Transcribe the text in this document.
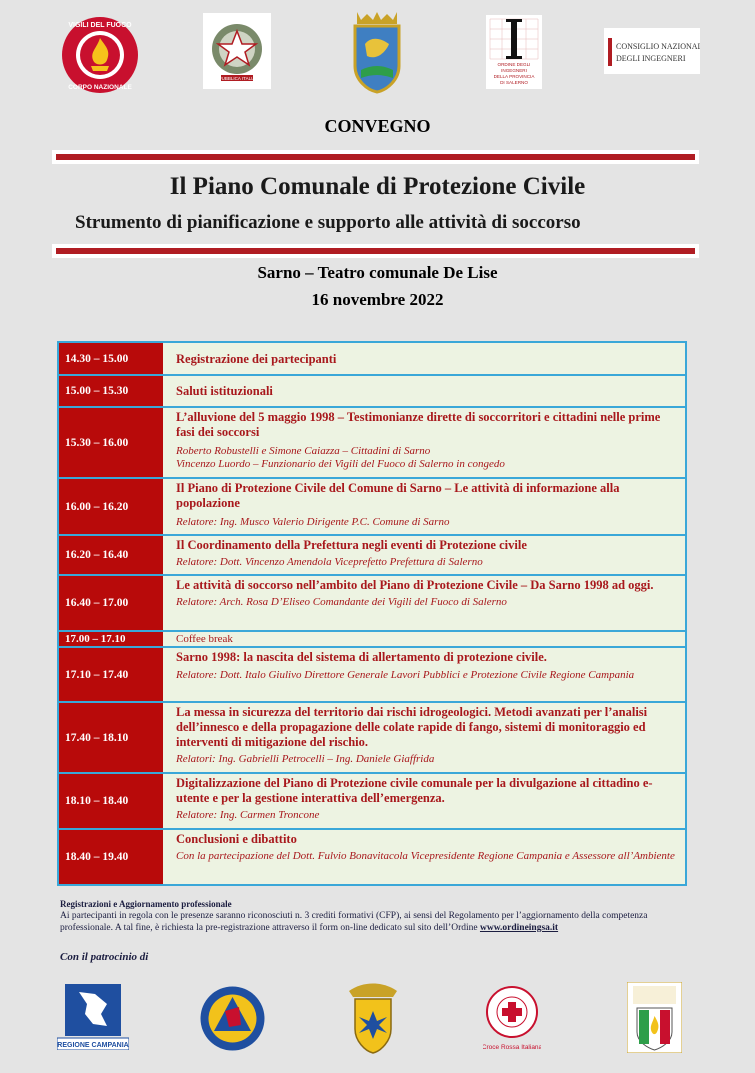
VIGILI DEL FUOCO
CORPO NAZIONALE
REPUBBLICA ITALIANA
ORDINE DEGLI
INGEGNERI
DELLA PROVINCIA
DI SALERNO
CONSIGLIO NAZIONALE
DEGLI INGEGNERI
CONVEGNO
Il Piano Comunale di Protezione Civile
Strumento di pianificazione e supporto alle attività di soccorso
Sarno – Teatro comunale De Lise
16 novembre 2022
14.30 – 15.00	Registrazione dei partecipanti
15.00 – 15.30	Saluti istituzionali
15.30 – 16.00
L’alluvione del 5 maggio 1998 – Testimonianze dirette di soccorritori e cittadini nelle prime fasi dei soccorsi
Roberto Robustelli e Simone Caiazza – Cittadini di Sarno
Vincenzo Luordo – Funzionario dei Vigili del Fuoco di Salerno in congedo
16.00 – 16.20
Il Piano di Protezione Civile del Comune di Sarno – Le attività di informazione alla popolazione
Relatore: Ing. Musco Valerio Dirigente P.C. Comune di Sarno
16.20 – 16.40
Il Coordinamento della Prefettura negli eventi di Protezione civile
Relatore: Dott. Vincenzo Amendola Viceprefetto Prefettura di Salerno
16.40 – 17.00
Le attività di soccorso nell’ambito del Piano di Protezione Civile – Da Sarno 1998 ad oggi.
Relatore: Arch. Rosa D’Eliseo Comandante dei Vigili del Fuoco di Salerno
17.00 – 17.10	Coffee break
17.10 – 17.40
Sarno 1998: la nascita del sistema di allertamento di protezione civile.
Relatore: Dott. Italo Giulivo Direttore Generale Lavori Pubblici e Protezione Civile Regione Campania
17.40 – 18.10
La messa in sicurezza del territorio dai rischi idrogeologici. Metodi avanzati per l’analisi dell’innesco e della propagazione delle colate rapide di fango, sistemi di monitoraggio ed interventi di mitigazione del rischio.
Relatori: Ing. Gabrielli Petrocelli – Ing. Daniele Giaffrida
18.10 – 18.40
Digitalizzazione del Piano di Protezione civile comunale per la divulgazione al cittadino e-utente e per la gestione interattiva dell’emergenza.
Relatore: Ing. Carmen Troncone
18.40 – 19.40
Conclusioni e dibattito
Con la partecipazione del Dott. Fulvio Bonavitacola Vicepresidente Regione Campania e Assessore all’Ambiente
Registrazioni e Aggiornamento professionale
Ai partecipanti in regola con le presenze saranno riconosciuti n. 3 crediti formativi (CFP), ai sensi del Regolamento per l’aggiornamento della competenza professionale. A tal fine, è richiesta la pre-registrazione attraverso il form on-line dedicato sul sito dell’Ordine www.ordineingsa.it
Con il patrocinio di
REGIONE CAMPANIA	Croce Rossa Italiana
